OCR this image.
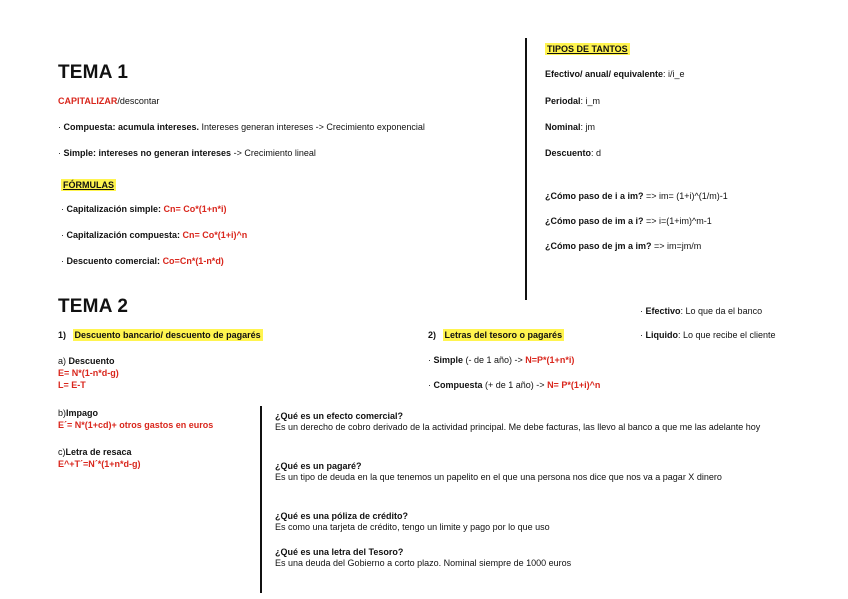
TEMA 1
CAPITALIZAR/descontar
· Compuesta: acumula intereses. Intereses generan intereses -> Crecimiento exponencial
· Simple: intereses no generan intereses -> Crecimiento lineal
FÓRMULAS
· Capitalización simple: Cn= Co*(1+n*i)
· Capitalización compuesta: Cn= Co*(1+i)^n
· Descuento comercial: Co=Cn*(1-n*d)
TIPOS DE TANTOS
Efectivo/ anual/ equivalente: i/i_e
Periodal: i_m
Nominal: jm
Descuento: d
¿Cómo paso de i a im? => im= (1+i)^(1/m)-1
¿Cómo paso de im a i? => i=(1+im)^m-1
¿Cómo paso de jm a im? => im=jm/m
TEMA 2
1) Descuento bancario/ descuento de pagarés
a) Descuento
E= N*(1-n*d-g)
L= E-T
b)Impago
E´= N*(1+cd)+ otros gastos en euros
c)Letra de resaca
E^+T´=N´*(1+n*d-g)
2) Letras del tesoro o pagarés
· Simple (- de 1 año) -> N=P*(1+n*i)
· Compuesta (+ de 1 año) -> N= P*(1+i)^n
· Efectivo: Lo que da el banco
· Liquido: Lo que recibe el cliente
¿Qué es un efecto comercial?
Es un derecho de cobro derivado de la actividad principal. Me debe facturas, las llevo al banco a que me las adelante hoy
¿Qué es un pagaré?
Es un tipo de deuda en la que tenemos un papelito en el que una persona nos dice que nos va a pagar X dinero
¿Qué es una póliza de crédito?
Es como una tarjeta de crédito, tengo un limite y pago por lo que uso
¿Qué es una letra del Tesoro?
Es una deuda del Gobierno a corto plazo. Nominal siempre de 1000 euros
